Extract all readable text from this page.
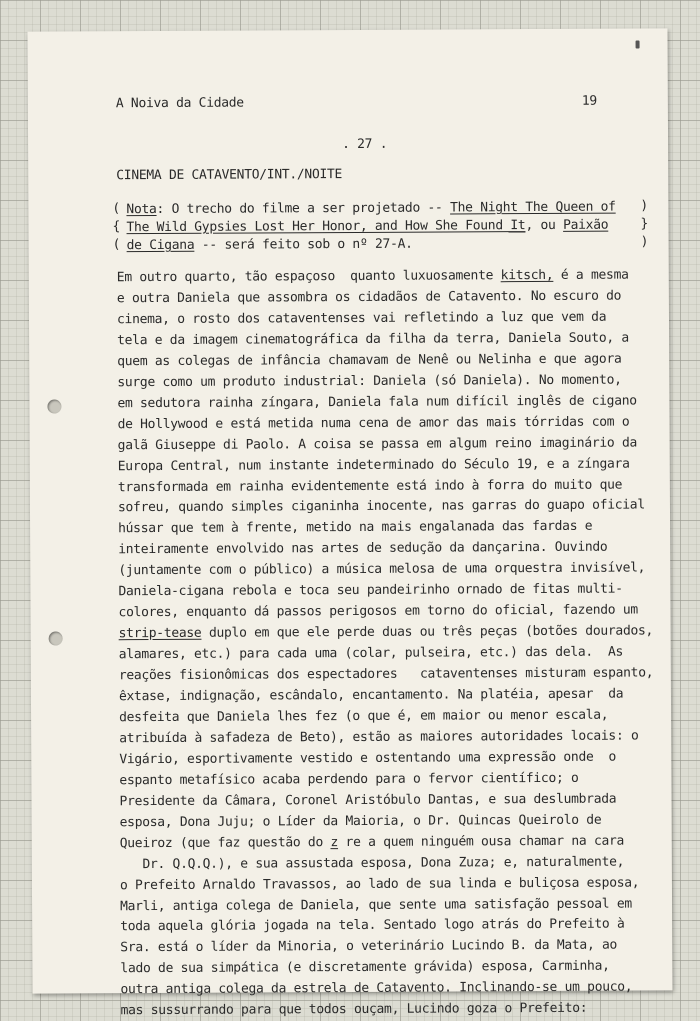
A Noiva da Cidade	19
. 27 .
CINEMA DE CATAVENTO/INT./NOITE
(
{
(
)
}
)
Nota: O trecho do filme a ser projetado -- The Night The Queen of
The Wild Gypsies Lost Her Honor, and How She Found It, ou Paixão
de Cigana -- será feito sob o nº 27-A.
Em outro quarto, tão espaçoso  quanto luxuosamente kitsch, é a mesma
e outra Daniela que assombra os cidadãos de Catavento. No escuro do
cinema, o rosto dos cataventenses vai refletindo a luz que vem da
tela e da imagem cinematográfica da filha da terra, Daniela Souto, a
quem as colegas de infância chamavam de Nenê ou Nelinha e que agora
surge como um produto industrial: Daniela (só Daniela). No momento,
em sedutora rainha zíngara, Daniela fala num difícil inglês de cigano
de Hollywood e está metida numa cena de amor das mais tórridas com o
galã Giuseppe di Paolo. A coisa se passa em algum reino imaginário da
Europa Central, num instante indeterminado do Século 19, e a zíngara
transformada em rainha evidentemente está indo à forra do muito que
sofreu, quando simples ciganinha inocente, nas garras do guapo oficial
hússar que tem à frente, metido na mais engalanada das fardas e
inteiramente envolvido nas artes de sedução da dançarina. Ouvindo
(juntamente com o público) a música melosa de uma orquestra invisível,
Daniela-cigana rebola e toca seu pandeirinho ornado de fitas multi-
colores, enquanto dá passos perigosos em torno do oficial, fazendo um
strip-tease duplo em que ele perde duas ou três peças (botões dourados,
alamares, etc.) para cada uma (colar, pulseira, etc.) das dela.  As
reações fisionômicas dos espectadores   cataventenses misturam espanto,
êxtase, indignação, escândalo, encantamento. Na platéia, apesar  da
desfeita que Daniela lhes fez (o que é, em maior ou menor escala,
atribuída à safadeza de Beto), estão as maiores autoridades locais: o
Vigário, esportivamente vestido e ostentando uma expressão onde  o
espanto metafísico acaba perdendo para o fervor científico; o
Presidente da Câmara, Coronel Aristóbulo Dantas, e sua deslumbrada
esposa, Dona Juju; o Líder da Maioria, o Dr. Quincas Queirolo de
Queiroz (que faz questão do z re a quem ninguém ousa chamar na cara
Dr. Q.Q.Q.), e sua assustada esposa, Dona Zuza; e, naturalmente,
o Prefeito Arnaldo Travassos, ao lado de sua linda e buliçosa esposa,
Marli, antiga colega de Daniela, que sente uma satisfação pessoal em
toda aquela glória jogada na tela. Sentado logo atrás do Prefeito à
Sra. está o líder da Minoria, o veterinário Lucindo B. da Mata, ao
lado de sua simpática (e discretamente grávida) esposa, Carminha,
outra antiga colega da estrela de Catavento. Inclinando-se um pouco,
mas sussurrando para que todos ouçam, Lucindo goza o Prefeito:
